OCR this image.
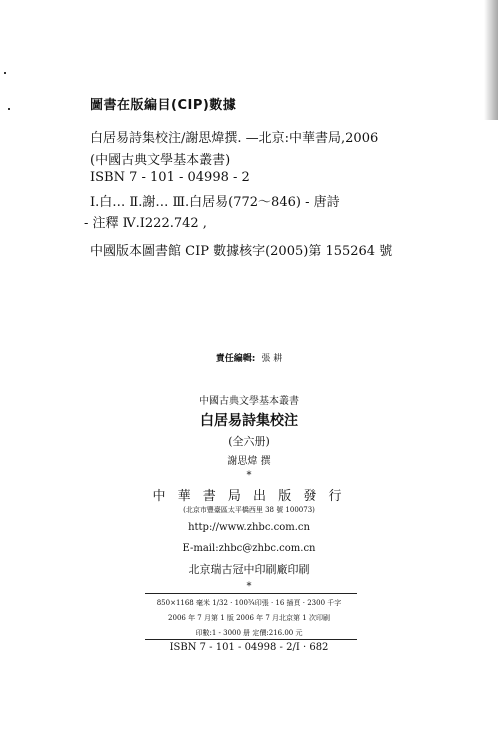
圖書在版編目(CIP)數據
白居易詩集校注/謝思煒撰. —北京:中華書局,2006
(中國古典文學基本叢書)
ISBN 7 - 101 - 04998 - 2
Ⅰ.白… Ⅱ.謝… Ⅲ.白居易(772～846) - 唐詩
- 注釋 Ⅳ.I222.742 ,
中國版本圖書館 CIP 數據核字(2005)第 155264 號
責任編輯: 張 耕
中國古典文學基本叢書
白居易詩集校注
(全六册)
謝思煒 撰
*
中 華 書 局 出 版 發 行
(北京市豐臺區太平橋西里 38 號 100073)
http://www.zhbc.com.cn
E-mail:zhbc@zhbc.com.cn
北京瑞古冠中印刷廠印刷
*
850×1168 毫米 1/32 · 100¾印張 · 16 插頁 · 2300 千字
2006 年 7 月第 1 版 2006 年 7 月北京第 1 次印刷
印數:1 - 3000 册 定價:216.00 元
ISBN 7 - 101 - 04998 - 2/I · 682
